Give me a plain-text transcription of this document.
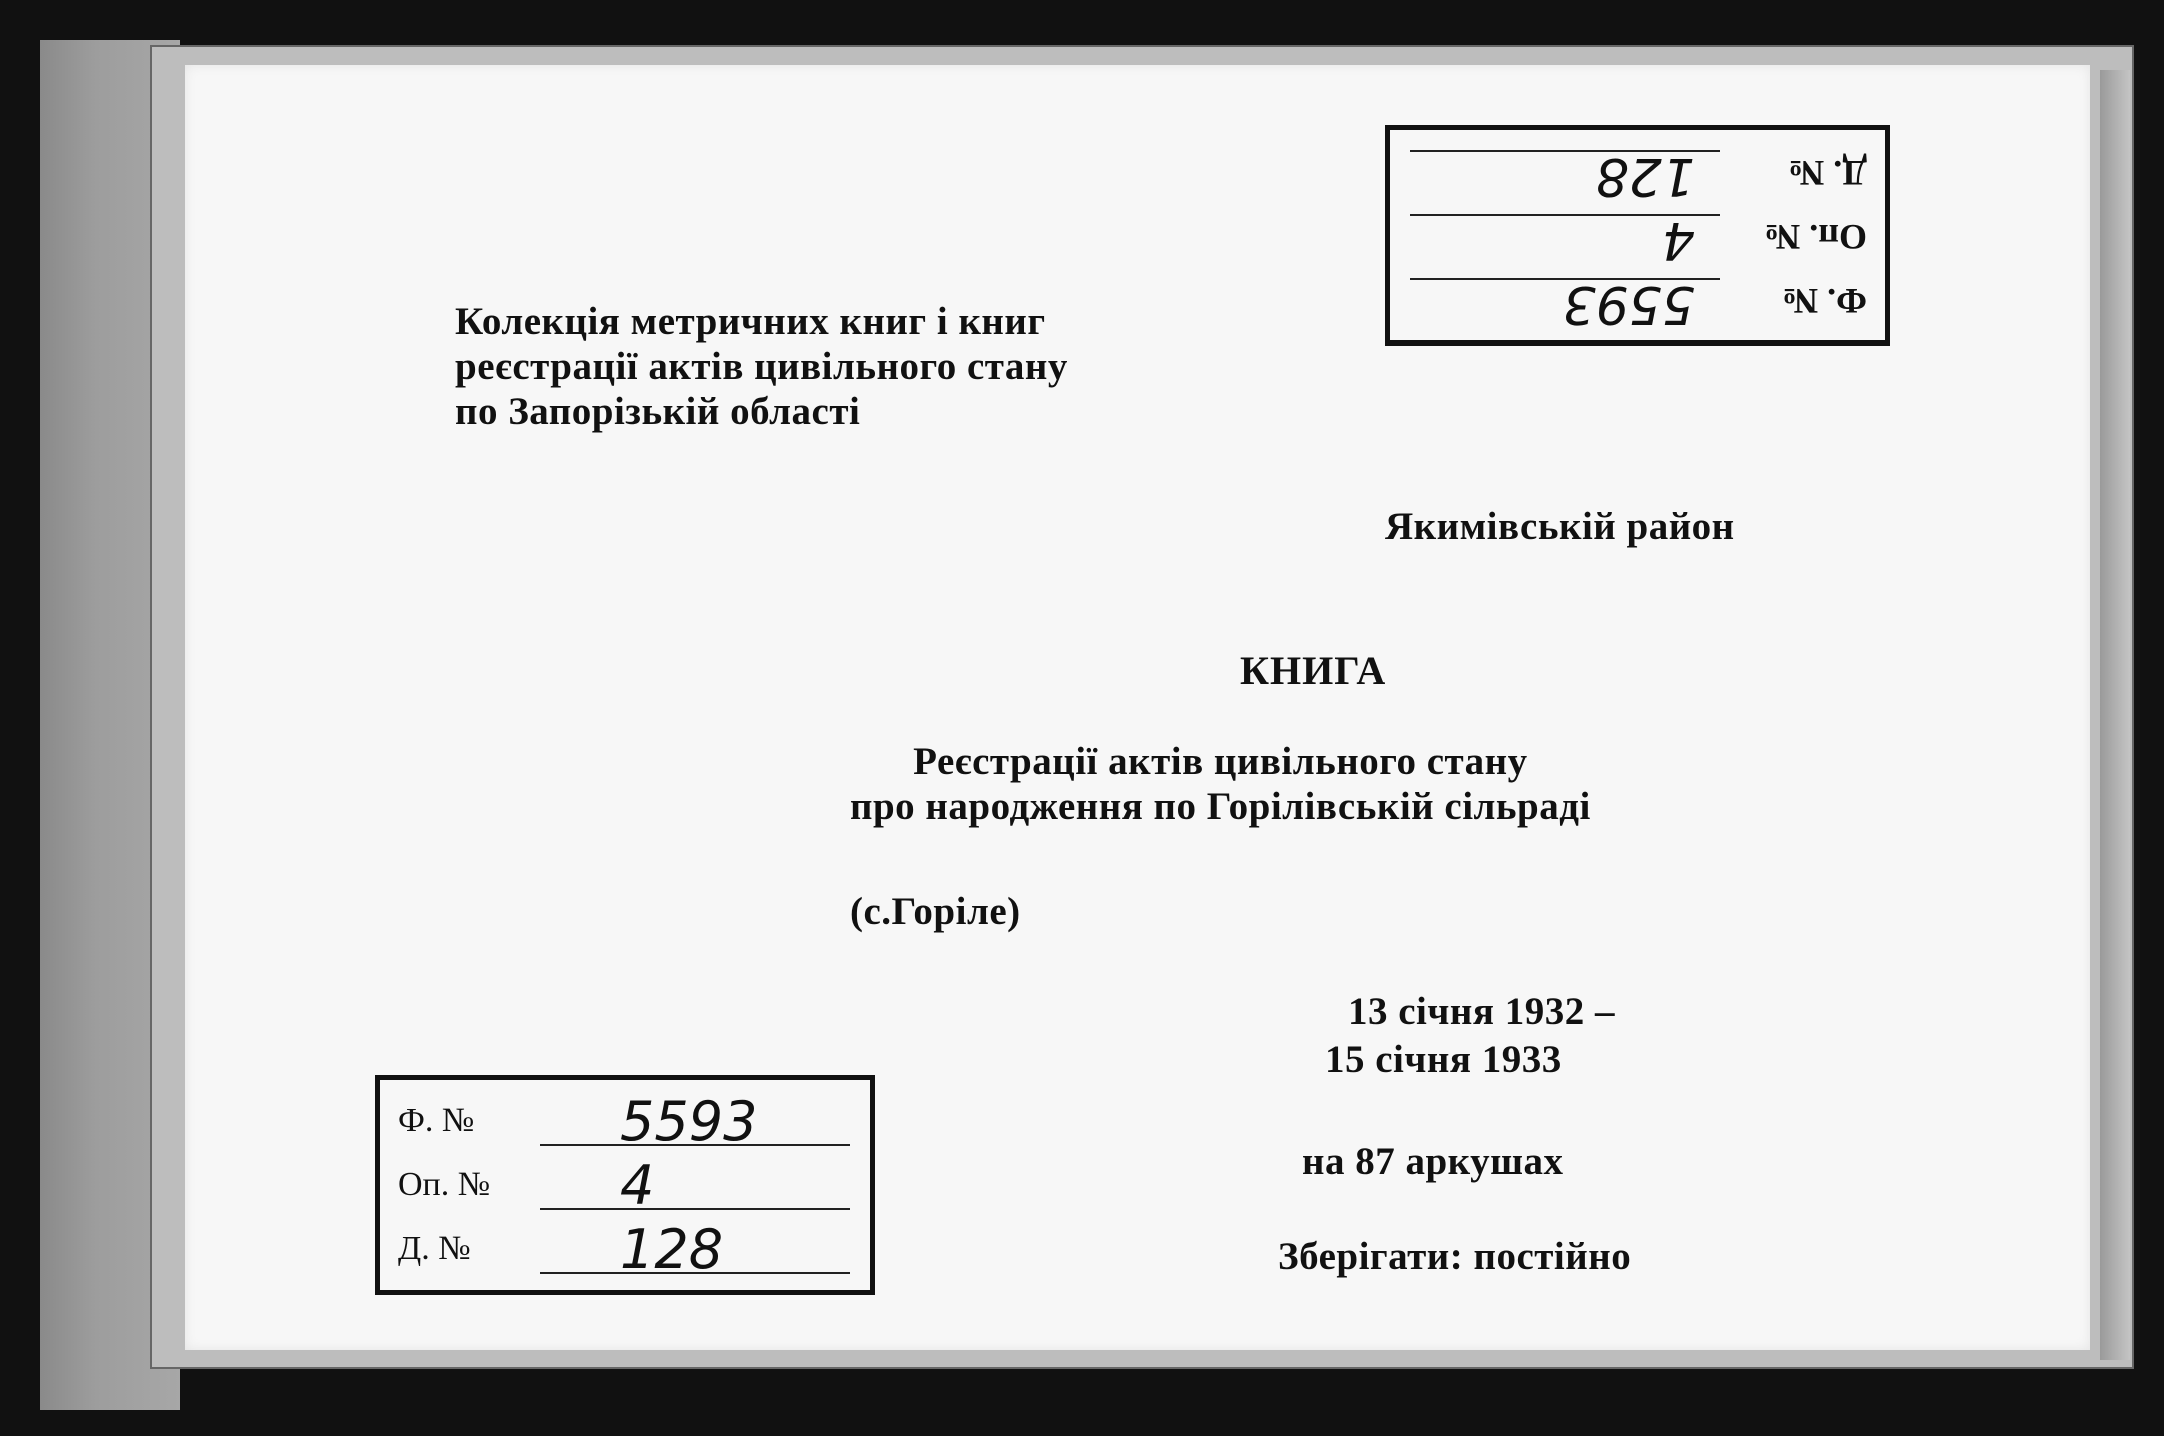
Ф. №
5593
Оп. №
4
Д. №
128

Колекція метричних книг і книг
реєстрації актів цивільного стану
по Запорізькій області

Якимівській район

КНИГА

Реєстрації актів цивільного стану
про народження по Горілівській сільраді

(с.Горіле)

13 січня 1932 –

15 січня 1933

на 87 аркушах

Зберігати: постійно

Ф. №	5593
Оп. № 4
Д. №	128
